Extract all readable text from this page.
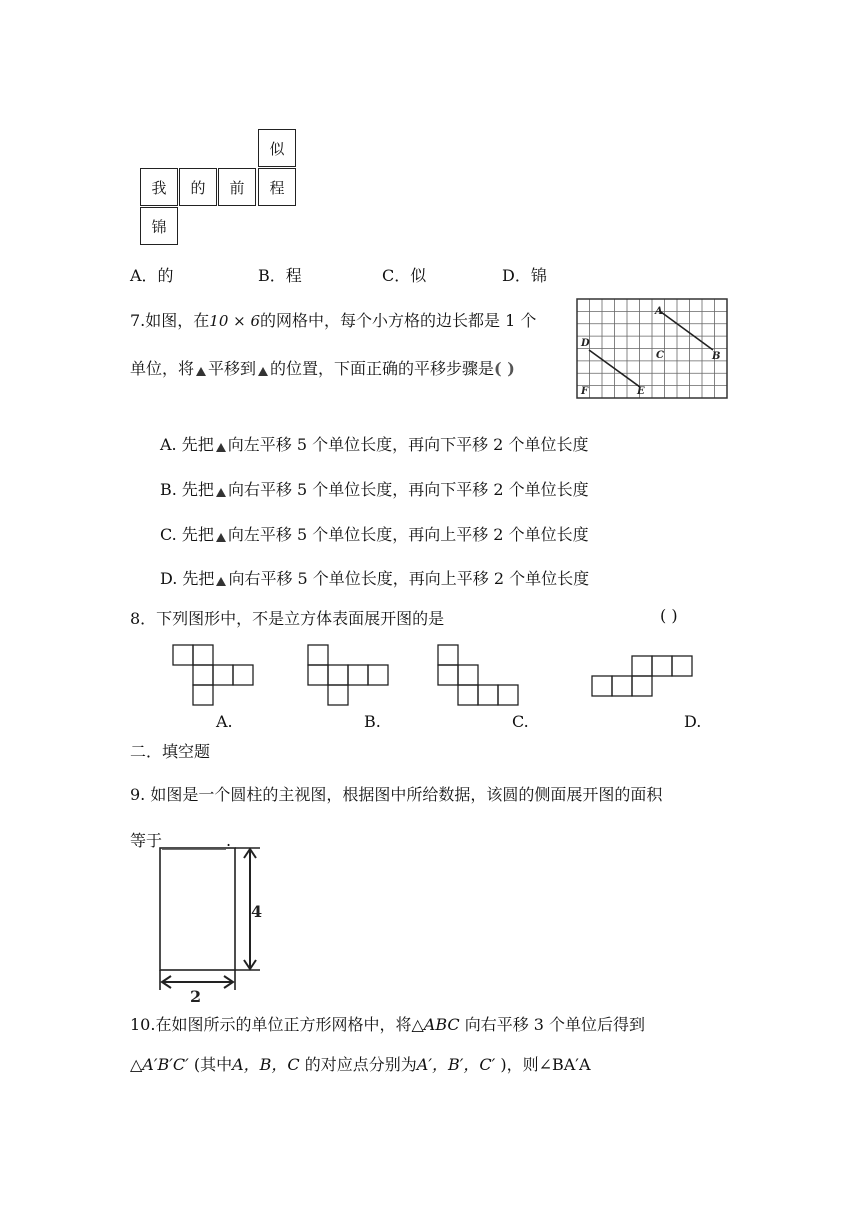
似
我	的	前	程
锦
A．的	B．程	C．似	D．锦
7.如图，在10 × 6的网格中，每个小方格的边长都是 1 个
单位，将 平移到 的位置，下面正确的平移步骤是( )
A
D
C	B
F	E
A. 先把 向左平移 5 个单位长度，再向下平移 2 个单位长度
B. 先把 向右平移 5 个单位长度，再向下平移 2 个单位长度
C. 先把 向左平移 5 个单位长度，再向上平移 2 个单位长度
D. 先把 向右平移 5 个单位长度，再向上平移 2 个单位长度
8．下列图形中，不是立方体表面展开图的是	( )
A.	B.	C.	D.
二．填空题
9. 如图是一个圆柱的主视图，根据图中所给数据，该圆的侧面展开图的面积
等于________.
4
2
10.在如图所示的单位正方形网格中，将△ABC 向右平移 3 个单位后得到
△A′B′C′ (其中A，B，C 的对应点分别为A′，B′，C′ )，则∠BA′A
